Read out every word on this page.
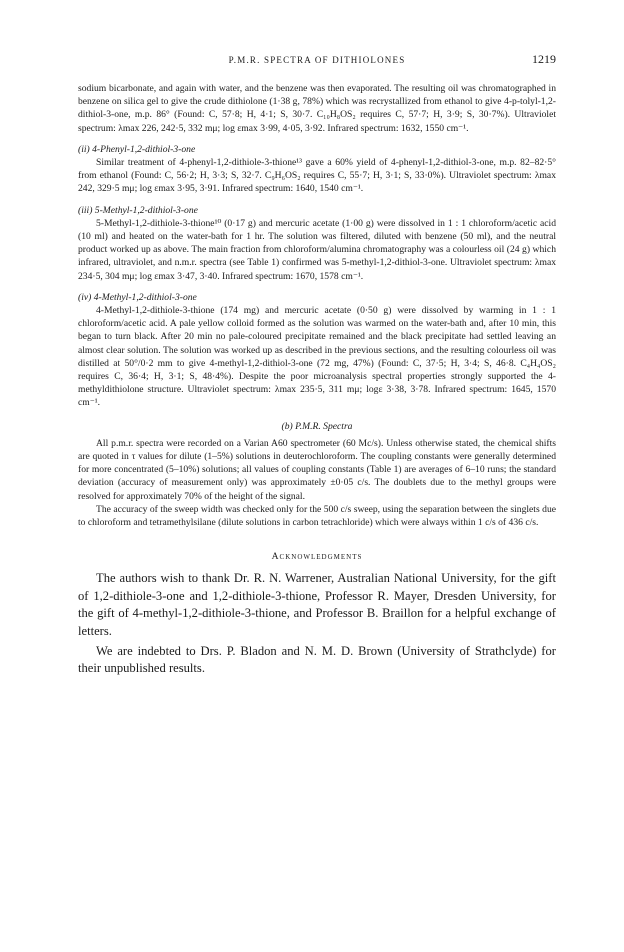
P.M.R. SPECTRA OF DITHIOLONES	1219

sodium bicarbonate, and again with water, and the benzene was then evaporated. The resulting oil was chromatographed in benzene on silica gel to give the crude dithiolone (1·38 g, 78%) which was recrystallized from ethanol to give 4-p-tolyl-1,2-dithiol-3-one, m.p. 86° (Found: C, 57·8; H, 4·1; S, 30·7. C₁₀H₈OS₂ requires C, 57·7; H, 3·9; S, 30·7%). Ultraviolet spectrum: λmax 226, 242·5, 332 mμ; log εmax 3·99, 4·05, 3·92. Infrared spectrum: 1632, 1550 cm⁻¹.

(ii) 4-Phenyl-1,2-dithiol-3-one

Similar treatment of 4-phenyl-1,2-dithiole-3-thione¹³ gave a 60% yield of 4-phenyl-1,2-dithiol-3-one, m.p. 82–82·5° from ethanol (Found: C, 56·2; H, 3·3; S, 32·7. C₉H₆OS₂ requires C, 55·7; H, 3·1; S, 33·0%). Ultraviolet spectrum: λmax 242, 329·5 mμ; log εmax 3·95, 3·91. Infrared spectrum: 1640, 1540 cm⁻¹.

(iii) 5-Methyl-1,2-dithiol-3-one

5-Methyl-1,2-dithiole-3-thione¹⁰ (0·17 g) and mercuric acetate (1·00 g) were dissolved in 1 : 1 chloroform/acetic acid (10 ml) and heated on the water-bath for 1 hr. The solution was filtered, diluted with benzene (50 ml), and the neutral product worked up as above. The main fraction from chloroform/alumina chromatography was a colourless oil (24 g) which infrared, ultraviolet, and n.m.r. spectra (see Table 1) confirmed was 5-methyl-1,2-dithiol-3-one. Ultraviolet spectrum: λmax 234·5, 304 mμ; log εmax 3·47, 3·40. Infrared spectrum: 1670, 1578 cm⁻¹.

(iv) 4-Methyl-1,2-dithiol-3-one

4-Methyl-1,2-dithiole-3-thione (174 mg) and mercuric acetate (0·50 g) were dissolved by warming in 1 : 1 chloroform/acetic acid. A pale yellow colloid formed as the solution was warmed on the water-bath and, after 10 min, this began to turn black. After 20 min no pale-coloured precipitate remained and the black precipitate had settled leaving an almost clear solution. The solution was worked up as described in the previous sections, and the resulting colourless oil was distilled at 50°/0·2 mm to give 4-methyl-1,2-dithiol-3-one (72 mg, 47%) (Found: C, 37·5; H, 3·4; S, 46·8. C₄H₄OS₂ requires C, 36·4; H, 3·1; S, 48·4%). Despite the poor microanalysis spectral properties strongly supported the 4-methyldithiolone structure. Ultraviolet spectrum: λmax 235·5, 311 mμ; logε 3·38, 3·78. Infrared spectrum: 1645, 1570 cm⁻¹.

(b) P.M.R. Spectra

All p.m.r. spectra were recorded on a Varian A60 spectrometer (60 Mc/s). Unless otherwise stated, the chemical shifts are quoted in τ values for dilute (1–5%) solutions in deuterochloroform. The coupling constants were generally determined for more concentrated (5–10%) solutions; all values of coupling constants (Table 1) are averages of 6–10 runs; the standard deviation (accuracy of measurement only) was approximately ±0·05 c/s. The doublets due to the methyl groups were resolved for approximately 70% of the height of the signal.

The accuracy of the sweep width was checked only for the 500 c/s sweep, using the separation between the singlets due to chloroform and tetramethylsilane (dilute solutions in carbon tetrachloride) which were always within 1 c/s of 436 c/s.

Acknowledgments

The authors wish to thank Dr. R. N. Warrener, Australian National University, for the gift of 1,2-dithiole-3-one and 1,2-dithiole-3-thione, Professor R. Mayer, Dresden University, for the gift of 4-methyl-1,2-dithiole-3-thione, and Professor B. Braillon for a helpful exchange of letters.

We are indebted to Drs. P. Bladon and N. M. D. Brown (University of Strathclyde) for their unpublished results.
